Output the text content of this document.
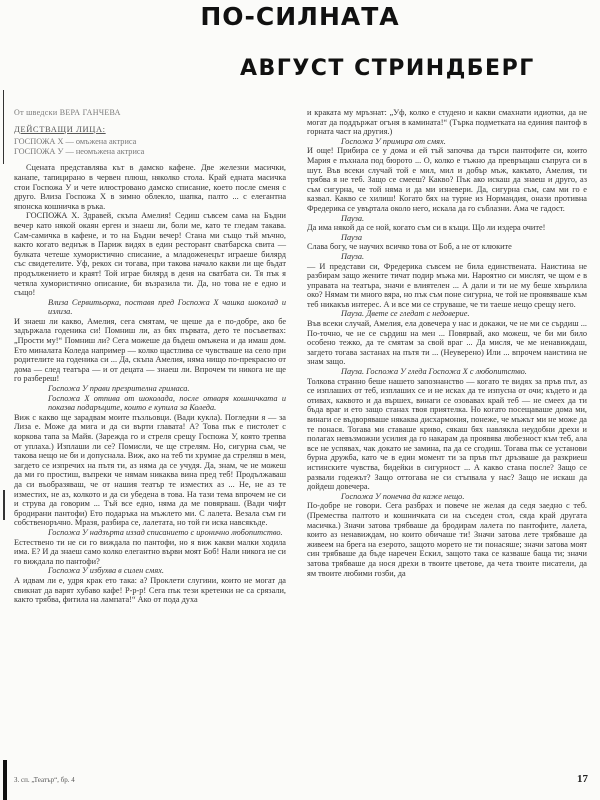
ПО-СИЛНАТА
АВГУСТ СТРИНДБЕРГ

От шведски ВЕРА ГАНЧЕВА

ДЕЙСТВАЩИ ЛИЦА:

ГОСПОЖА Х — омъжена актриса

ГОСПОЖА У — неомъжена актриса

Сцената представлява кът в дамско кафене. Две железни масички, канапе, тапицирано в червен плюш, няколко стола. Край едната масичка стои Госпожа У и чете илюстровано дамско списание, което после сменя с друго. Влиза Госпожа Х в зимно облекло, шапка, палто ... с елегантна японска кошничка в ръка.

ГОСПОЖА Х. Здравей, скъпа Амелия! Седиш съвсем сама на Бъдни вечер като някой окаян ерген и знаеш ли, боли ме, като те гледам такава. Сам-самичка в кафене, и то на Бъдни вечер! Стана ми също тъй мъчно, както когато веднъж в Париж видях в един ресторант сватбарска свита — булката четеше хумористично списание, а младоженецът играеше билярд със свидетелите. Уф, рекох си тогава, при такова начало какви ли ще бъдат продължението и краят! Той играе билярд в деня на сватбата си. Тя пък я четяла хумористично описание, би възразила ти. Да, но това не е едно и също!

Влиза Сервитьорка, поставя пред Госпожа Х чашка шоколад и излиза.

И знаеш ли какво, Амелия, сега смятам, че щеше да е по-добре, ако бе задържала годеника си! Помниш ли, аз бях първата, дето те посъветвах: „Прости му!“ Помниш ли? Сега можеше да бъдеш омъжена и да имаш дом. Ето миналата Коледа например — колко щастлива се чувстваше на село при родителите на годеника си ... Да, скъпа Амелия, няма нищо по-прекрасно от дома — след театъра — и от децата — знаеш ли. Впрочем ти никога не ще го разбереш!

Госпожа У прави презрителна гримаса.

Госпожа Х отпива от шоколада, после отваря кошничката и показва подаръците, които е купила за Коледа.

Виж с какво ще зарадвам моите пъзльовци. (Вади кукла). Погледни я — за Лиза е. Може да мига и да си върти главата! А? Това пък е пистолет с коркова тапа за Майя. (Зарежда го и стреля срещу Госпожа У, която трепва от уплаха.) Изплаши ли се? Помисли, че ще стрелям. Но, сигурна съм, че такова нещо не би и допуснала. Виж, ако на теб ти хрумне да стреляш в мен, загдето се изпречих на пътя ти, аз няма да се учудя. Да, знам, че не можеш да ми го простиш, въпреки че нямам никаква вина пред теб! Продължаваш да си въобразяваш, че от нашия театър те изместих аз ... Не, не аз те изместих, не аз, колкото и да си убедена в това. На тази тема впрочем не си и струва да говорим ... Тъй все едно, няма да ме повярваш. (Вади чифт бродирани пантофи) Ето подаръка на мъжлето ми. С лалета. Везала съм ги собственоръчно. Мразя, разбира се, лалетата, но той ги иска навсякъде.

Госпожа У надзърта иззад списанието с иронично любопитство.

Естествено ти не си го виждала по пантофи, но я виж какви малки ходила има. Е? И да знаеш само колко елегантно върви моят Боб! Нали никога не си го виждала по пантофи?

Госпожа У избухва в силен смях.

А идвам ли е, удря крак ето така: а? Проклети слугини, които не могат да свикнат да варят хубаво кафе! Р-р-р! Сега пък тези кретенки не са срязали, както трябва, фитила на лампата!“ Ако от пода духа

и краката му мръзнат: „Уф, колко е студено и какви смахнати идиотки, да не могат да поддържат огъня в камината!“ (Търка подметката на единия пантоф в горната част на другия.)

Госпожа У примира от смях.

И още! Прибира се у дома и ей тъй започва да търси пантофите си, които Мария е пъхнала под бюрото ... О, колко е тъжно да превръщаш съпруга си в шут. Във всеки случай той е мил, мил и добър мъж, какъвто, Амелия, ти трябва я не теб. Защо се смееш? Какво? Пък ако искаш да знаеш и друго, аз съм сигурна, че той няма и да ми изневери. Да, сигурна съм, сам ми го е казвал. Какво се хилиш! Когато бях на турне из Нормандия, онази противна Фредерика се увъртала около него, искала да го съблазни. Ама че гадост.

Пауза.

Да има някой да се ной, когато съм си в къщи. Що ли издера очите!

Пауза

Слава богу, че научих всичко това от Боб, а не от клюките

Пауза.

— И представи си, Фредерика съвсем не била единствената. Наистина не разбирам защо жените тичат подир мъжа ми. Нароятно си мислят, че щом е в управата на театъра, значи е влиятелен ... А дали и ти не му беше хвърлила око? Нямам ти много вяра, но пък съм поне сигурна, че той не проявяваше към теб никакъв интерес. А и все ми се струваше, че ти таеше нещо срещу него.

Пауза. Двете се гледат с недоверие.

Във всеки случай, Амелия, ела довечера у нас и докажи, че не ми се сърдиш ... По-точно, че не се сърдиш на мен ... Повярвай, ако можеш, че би ми било особено тежко, да те смятам за свой враг ... Да мисля, че ме ненавиждаш, загдето тогава застанах на пътя ти ... (Неуверено) Или ... впрочем наистина не знам защо.

Пауза. Госпожа У гледа Госпожа Х с любопитство.

Толкова странно беше нашето запознанство — когато те видях за пръв път, аз се изплаших от теб, изплаших се и не исках да те изпусна от очи; където и да отивах, каквото и да вършех, винаги се озовавах край теб — не смеех да ти бъда враг и ето защо станах твоя приятелка. Но когато посещаваше дома ми, винаги се въдворяваше някаква дисхармония, понеже, че мъжът ми не може да те понася. Тогава ми ставаше криво, сякаш бях навлякла неудобни дрехи и полагах невъзможни усилия да го накарам да проявява любезност към теб, ала все не успявах, чак докато не замина, па да се сгодиш. Тогава пък се установи бурна дружба, като че в един момент ти за пръв път дръзваше да разкриеш истинските чувства, бидейки в сигурност ... А какво стана после? Защо се развали годежът? Защо оттогава не си стъпвала у нас? Защо не искаш да дойдеш довечера.

Госпожа У понечва да каже нещо.

По-добре не говори. Сега разбрах и повече не желая да седя заедно с теб. (Премества палтото и кошничката си на съседен стол, сяда край другата масичка.) Значи затова трябваше да бродирам лалета по пантофите, лалета, които аз ненавиждам, но които обичаше ти! Значи затова лете трябваше да живеем на брега на езерото, защото морето не ти понасяше; значи затова моят син трябваше да бъде наречен Ескил, защото така се казваше баща ти; значи затова трябваше да нося дрехи в твоите цветове, да чета твоите писатели, да ям твоите любими гозби, да

З. сп. „Театър“, бр. 4	17
